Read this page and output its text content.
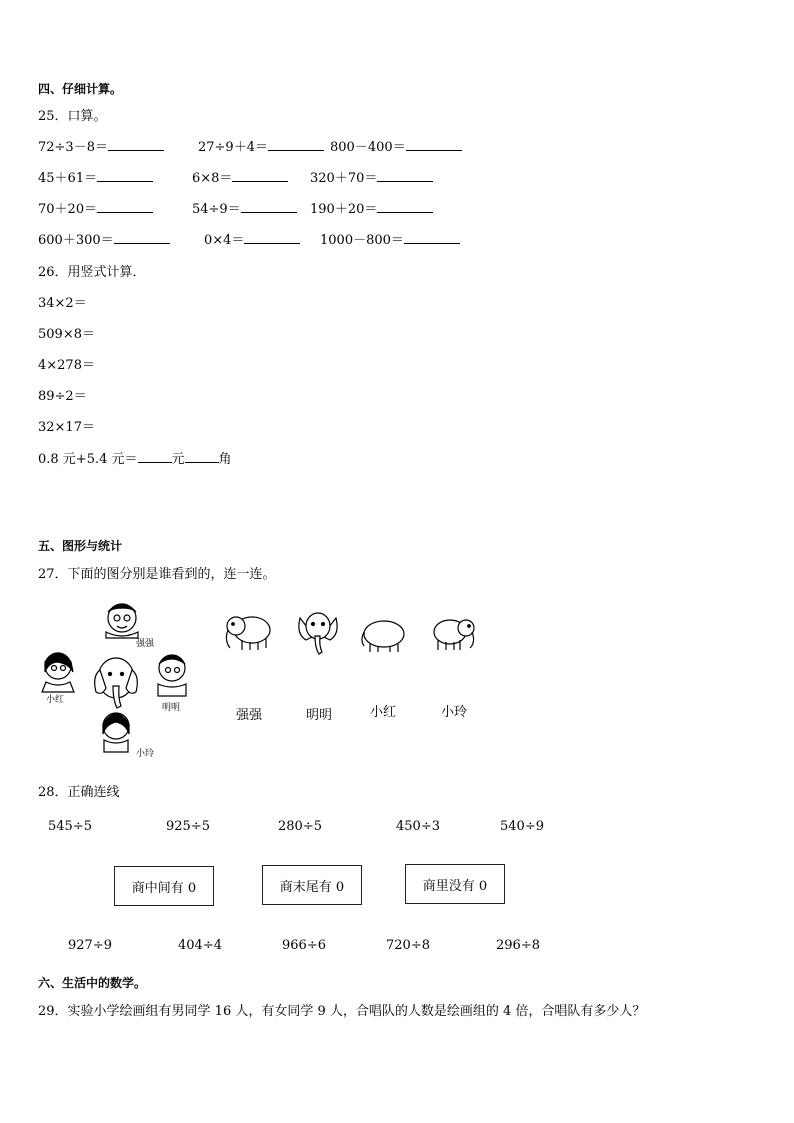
四、仔细计算。
25．口算。
72÷3－8＝	27÷9＋4＝	800－400＝
45＋61＝	6×8＝	320＋70＝
70＋20＝	54÷9＝	190＋20＝
600＋300＝	0×4＝	1000－800＝
26．用竖式计算．
34×2＝
509×8＝
4×278＝
89÷2＝
32×17＝
0.8 元+5.4 元＝	元	角
五、图形与统计
27．下面的图分别是谁看到的，连一连。
强强
小红
明明
小玲
强强	明明	小红	小玲
28．正确连线
545÷5	925÷5	280÷5	450÷3	540÷9
商中间有 0	商末尾有 0	商里没有 0
927÷9	404÷4	966÷6	720÷8	296÷8
六、生活中的数学。
29．实验小学绘画组有男同学 16 人，有女同学 9 人，合唱队的人数是绘画组的 4 倍，合唱队有多少人？
